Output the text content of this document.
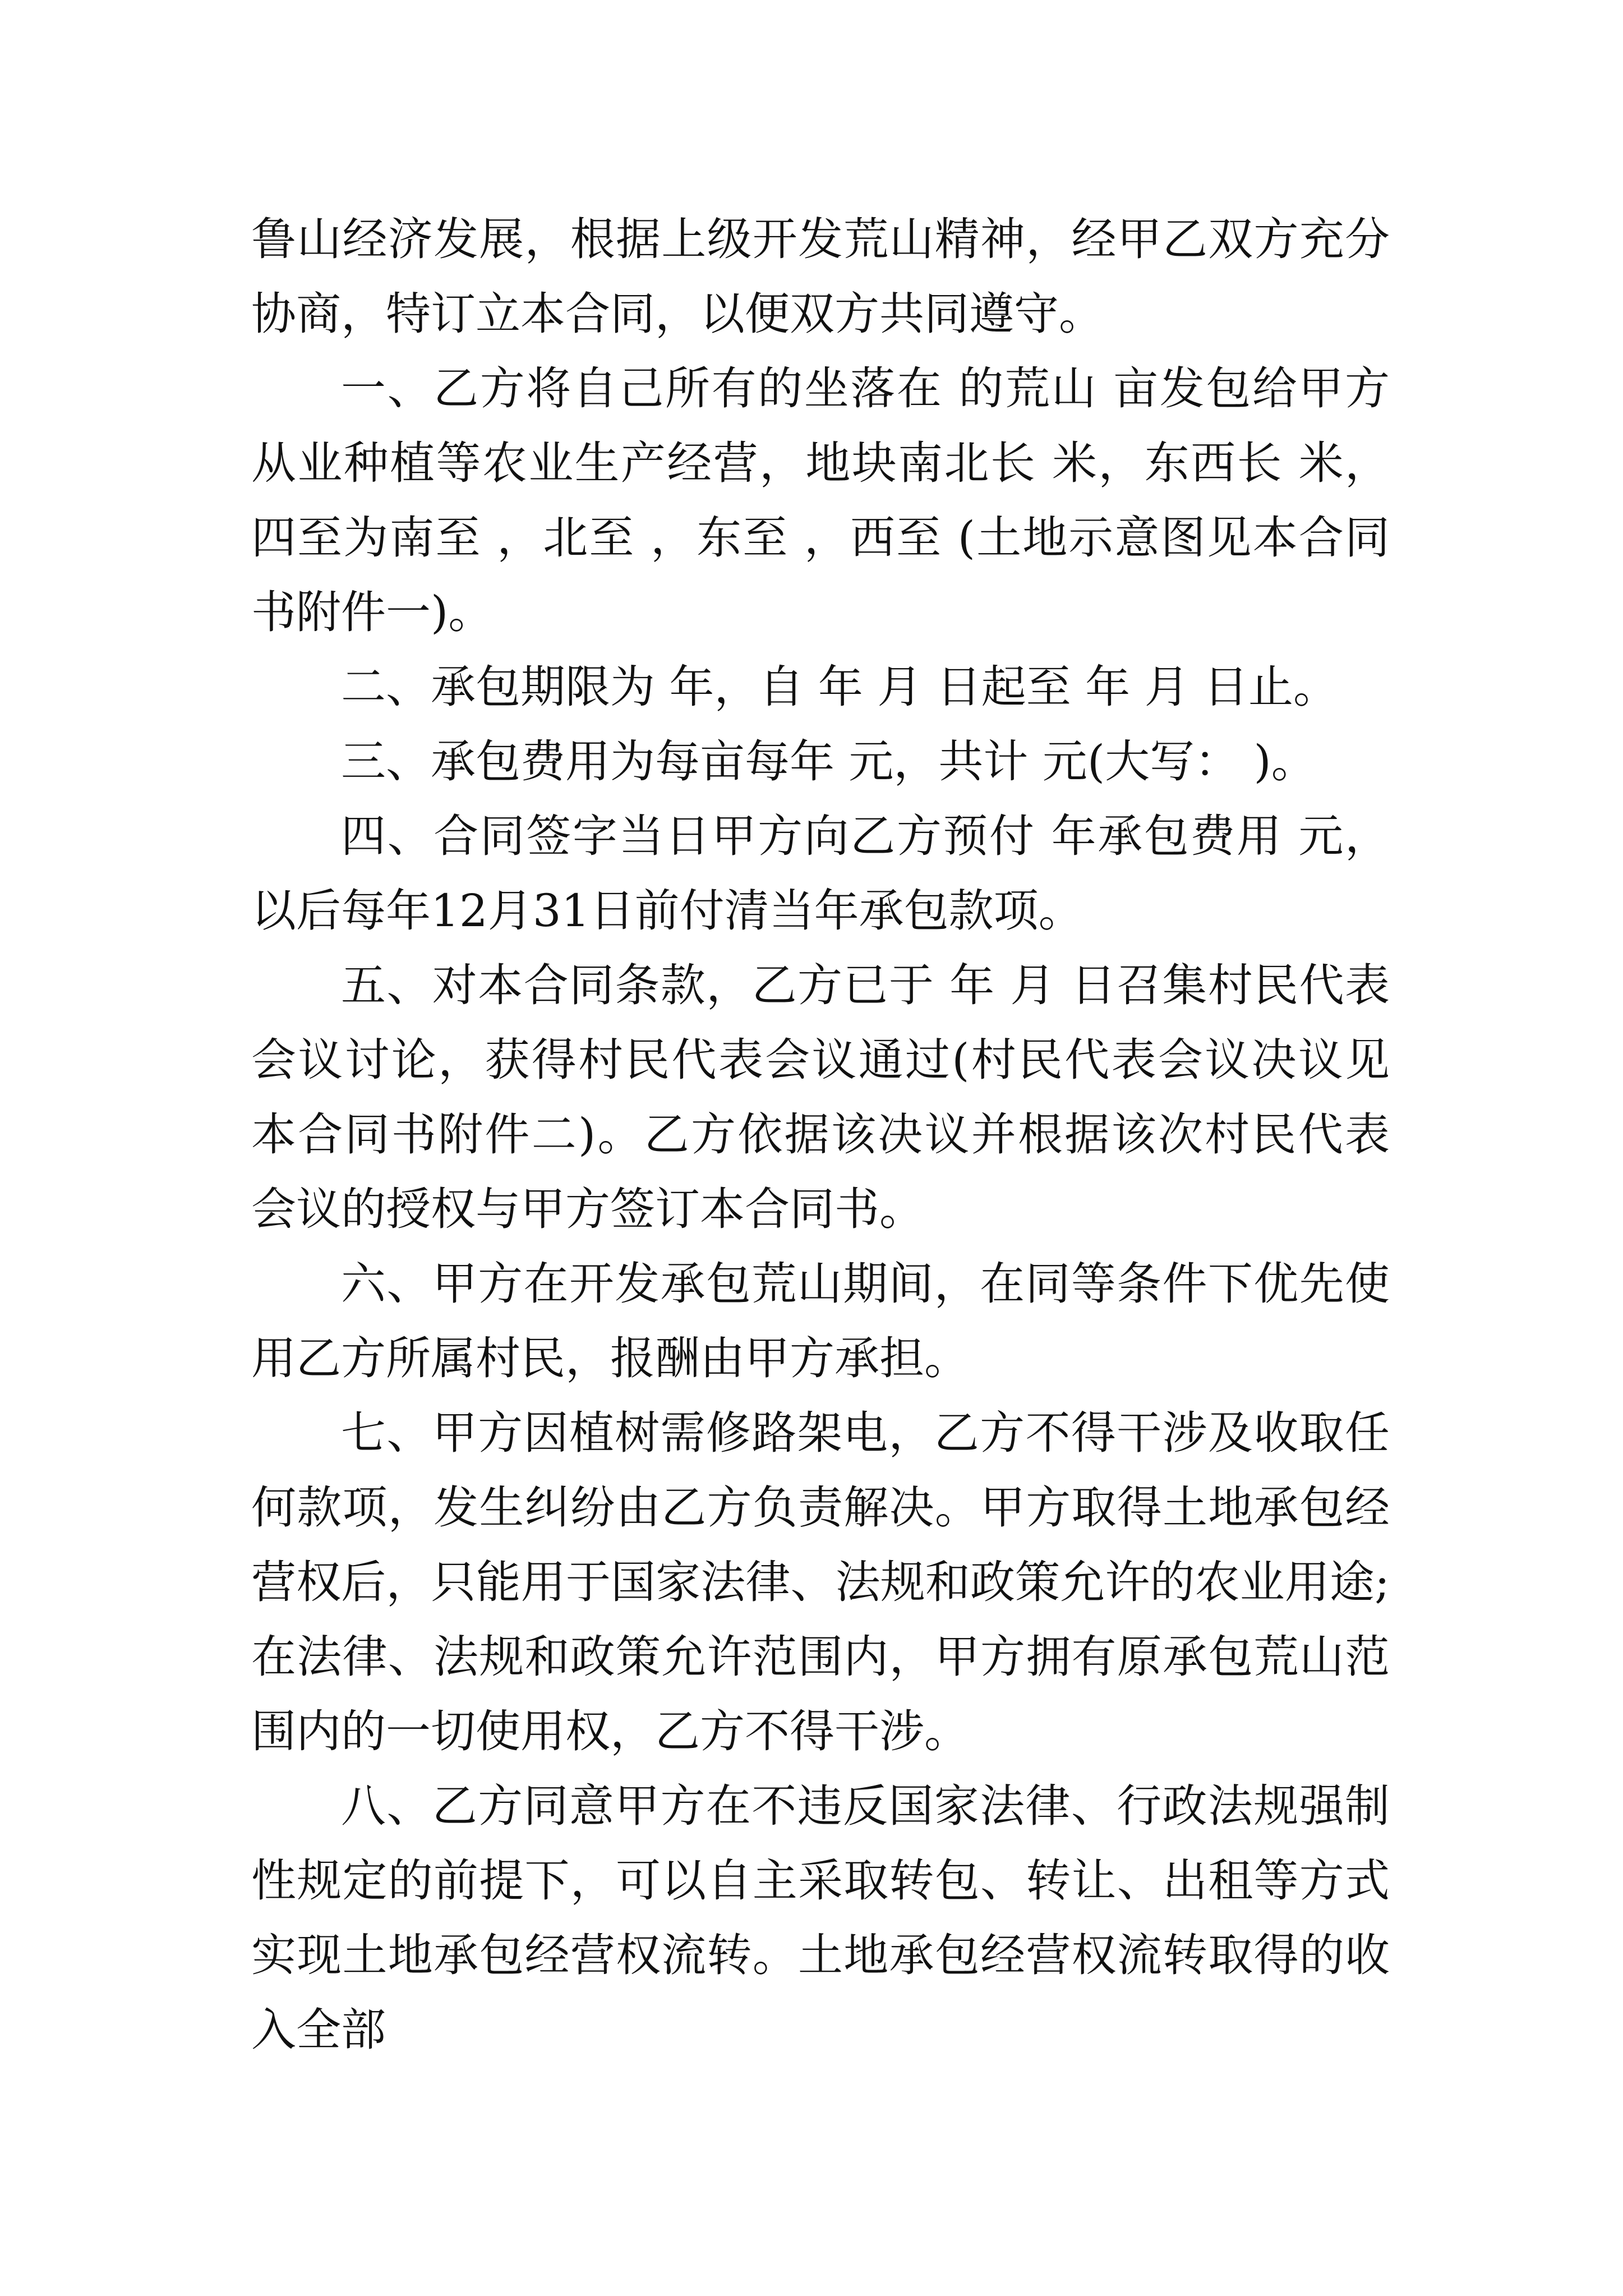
鲁山经济发展，根据上级开发荒山精神，经甲乙双方充分协商，特订立本合同，以便双方共同遵守。

一、乙方将自己所有的坐落在 的荒山 亩发包给甲方从业种植等农业生产经营，地块南北长 米，东西长 米，四至为南至 ，北至 ，东至 ，西至 (土地示意图见本合同书附件一)。

二、承包期限为 年，自 年 月 日起至 年 月 日止。

三、承包费用为每亩每年 元，共计 元(大写： )。

四、合同签字当日甲方向乙方预付 年承包费用 元，以后每年12月31日前付清当年承包款项。

五、对本合同条款，乙方已于 年 月 日召集村民代表会议讨论，获得村民代表会议通过(村民代表会议决议见本合同书附件二)。乙方依据该决议并根据该次村民代表会议的授权与甲方签订本合同书。

六、甲方在开发承包荒山期间，在同等条件下优先使用乙方所属村民，报酬由甲方承担。

七、甲方因植树需修路架电，乙方不得干涉及收取任何款项，发生纠纷由乙方负责解决。甲方取得土地承包经营权后，只能用于国家法律、法规和政策允许的农业用途;在法律、法规和政策允许范围内，甲方拥有原承包荒山范围内的一切使用权，乙方不得干涉。

八、乙方同意甲方在不违反国家法律、行政法规强制性规定的前提下，可以自主采取转包、转让、出租等方式实现土地承包经营权流转。土地承包经营权流转取得的收入全部
